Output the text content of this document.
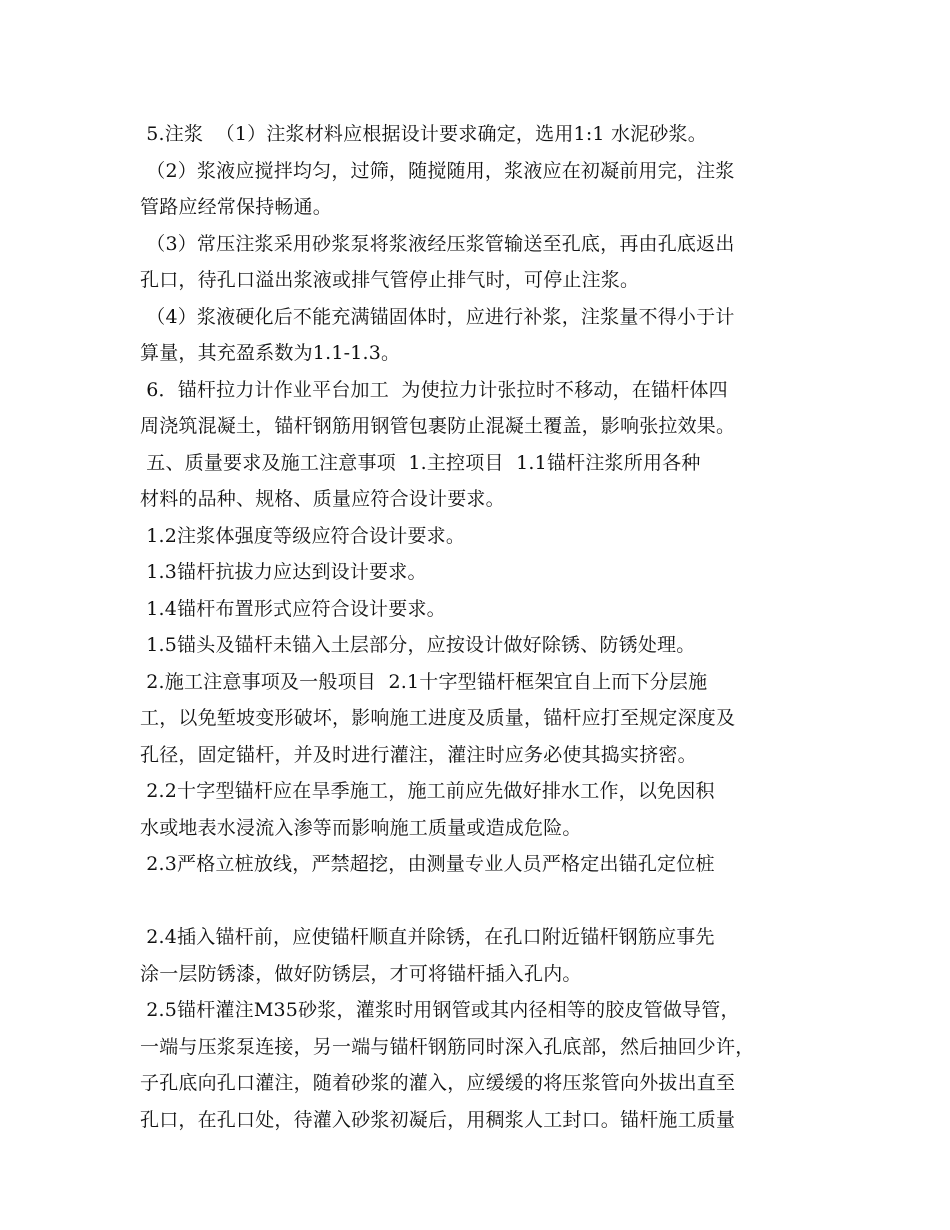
5.注浆  （1）注浆材料应根据设计要求确定，选用1:1 水泥砂浆。
（2）浆液应搅拌均匀，过筛，随搅随用，浆液应在初凝前用完，注浆
管路应经常保持畅通。
（3）常压注浆采用砂浆泵将浆液经压浆管输送至孔底，再由孔底返出
孔口，待孔口溢出浆液或排气管停止排气时，可停止注浆。
（4）浆液硬化后不能充满锚固体时，应进行补浆，注浆量不得小于计
算量，其充盈系数为1.1-1.3。
6．锚杆拉力计作业平台加工  为使拉力计张拉时不移动，在锚杆体四
周浇筑混凝土，锚杆钢筋用钢管包裹防止混凝土覆盖，影响张拉效果。
五、质量要求及施工注意事项  1.主控项目  1.1锚杆注浆所用各种
材料的品种、规格、质量应符合设计要求。
1.2注浆体强度等级应符合设计要求。
1.3锚杆抗拔力应达到设计要求。
1.4锚杆布置形式应符合设计要求。
1.5锚头及锚杆未锚入土层部分，应按设计做好除锈、防锈处理。
2.施工注意事项及一般项目  2.1十字型锚杆框架宜自上而下分层施
工，以免堑坡变形破坏，影响施工进度及质量，锚杆应打至规定深度及
孔径，固定锚杆，并及时进行灌注，灌注时应务必使其捣实挤密。
2.2十字型锚杆应在旱季施工，施工前应先做好排水工作，以免因积
水或地表水浸流入渗等而影响施工质量或造成危险。
2.3严格立桩放线，严禁超挖，由测量专业人员严格定出锚孔定位桩
2.4插入锚杆前，应使锚杆顺直并除锈，在孔口附近锚杆钢筋应事先
涂一层防锈漆，做好防锈层，才可将锚杆插入孔内。
2.5锚杆灌注M35砂浆，灌浆时用钢管或其内径相等的胶皮管做导管，
一端与压浆泵连接，另一端与锚杆钢筋同时深入孔底部，然后抽回少许，
子孔底向孔口灌注，随着砂浆的灌入，应缓缓的将压浆管向外拔出直至
孔口，在孔口处，待灌入砂浆初凝后，用稠浆人工封口。锚杆施工质量
